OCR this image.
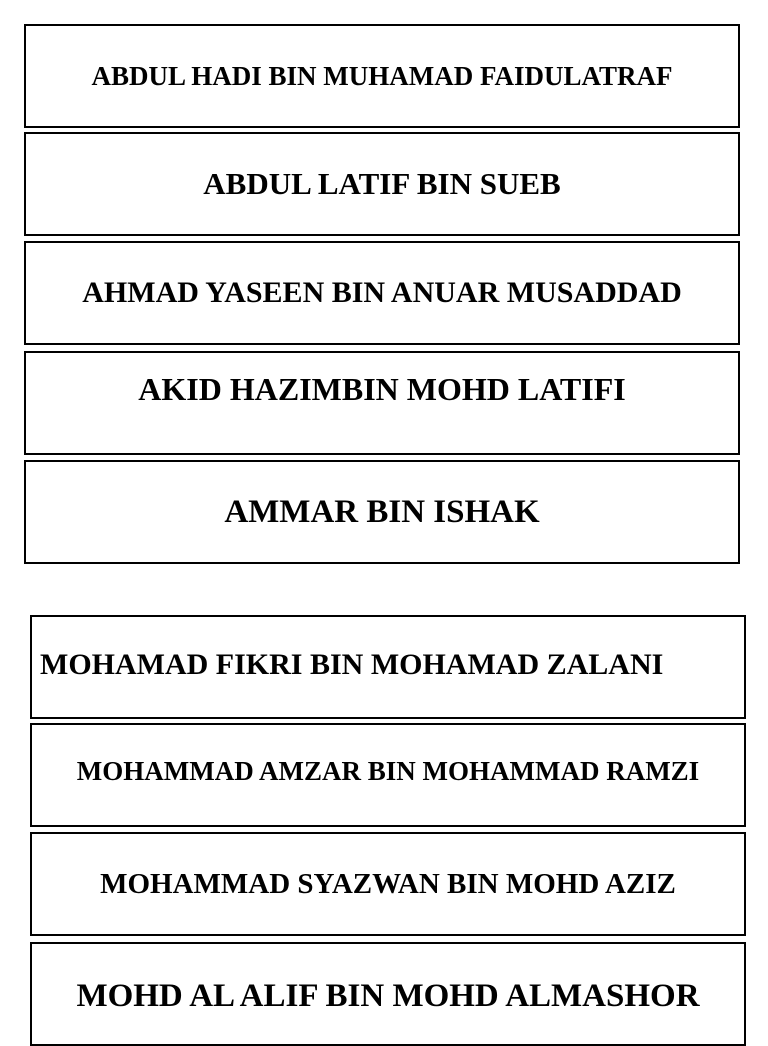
ABDUL HADI BIN MUHAMAD FAIDULATRAF
ABDUL LATIF BIN SUEB
AHMAD YASEEN BIN ANUAR MUSADDAD
AKID HAZIMBIN MOHD LATIFI
AMMAR BIN ISHAK
MOHAMAD FIKRI BIN MOHAMAD ZALANI
MOHAMMAD AMZAR BIN MOHAMMAD RAMZI
MOHAMMAD SYAZWAN BIN MOHD AZIZ
MOHD AL ALIF BIN MOHD ALMASHOR
